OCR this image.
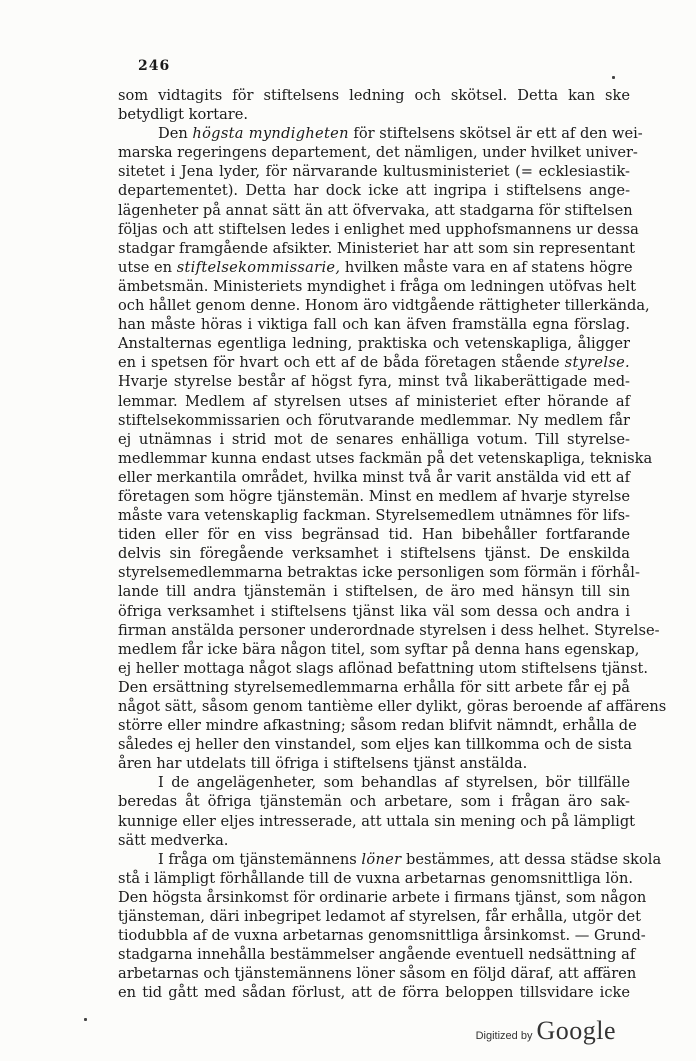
246
som vidtagits för stiftelsens ledning och skötsel. Detta kan ske
betydligt kortare.
Den högsta myndigheten för stiftelsens skötsel är ett af den wei-
marska regeringens departement, det nämligen, under hvilket univer-
sitetet i Jena lyder, för närvarande kultusministeriet (= ecklesiastik-
departementet). Detta har dock icke att ingripa i stiftelsens ange-
lägenheter på annat sätt än att öfvervaka, att stadgarna för stiftelsen
följas och att stiftelsen ledes i enlighet med upphofsmannens ur dessa
stadgar framgående afsikter. Ministeriet har att som sin representant
utse en stiftelsekommissarie, hvilken måste vara en af statens högre
ämbetsmän. Ministeriets myndighet i fråga om ledningen utöfvas helt
och hållet genom denne. Honom äro vidtgående rättigheter tillerkända,
han måste höras i viktiga fall och kan äfven framställa egna förslag.
Anstalternas egentliga ledning, praktiska och vetenskapliga, åligger
en i spetsen för hvart och ett af de båda företagen stående styrelse.
Hvarje styrelse består af högst fyra, minst två likaberättigade med-
lemmar. Medlem af styrelsen utses af ministeriet efter hörande af
stiftelsekommissarien och förutvarande medlemmar. Ny medlem får
ej utnämnas i strid mot de senares enhälliga votum. Till styrelse-
medlemmar kunna endast utses fackmän på det vetenskapliga, tekniska
eller merkantila området, hvilka minst två år varit anstälda vid ett af
företagen som högre tjänstemän. Minst en medlem af hvarje styrelse
måste vara vetenskaplig fackman. Styrelsemedlem utnämnes för lifs-
tiden eller för en viss begränsad tid. Han bibehåller fortfarande
delvis sin föregående verksamhet i stiftelsens tjänst. De enskilda
styrelsemedlemmarna betraktas icke personligen som förmän i förhål-
lande till andra tjänstemän i stiftelsen, de äro med hänsyn till sin
öfriga verksamhet i stiftelsens tjänst lika väl som dessa och andra i
firman anstälda personer underordnade styrelsen i dess helhet. Styrelse-
medlem får icke bära någon titel, som syftar på denna hans egenskap,
ej heller mottaga något slags aflönad befattning utom stiftelsens tjänst.
Den ersättning styrelsemedlemmarna erhålla för sitt arbete får ej på
något sätt, såsom genom tantième eller dylikt, göras beroende af affärens
större eller mindre afkastning; såsom redan blifvit nämndt, erhålla de
således ej heller den vinstandel, som eljes kan tillkomma och de sista
åren har utdelats till öfriga i stiftelsens tjänst anstälda.
I de angelägenheter, som behandlas af styrelsen, bör tillfälle
beredas åt öfriga tjänstemän och arbetare, som i frågan äro sak-
kunnige eller eljes intresserade, att uttala sin mening och på lämpligt
sätt medverka.
I fråga om tjänstemännens löner bestämmes, att dessa städse skola
stå i lämpligt förhållande till de vuxna arbetarnas genomsnittliga lön.
Den högsta årsinkomst för ordinarie arbete i firmans tjänst, som någon
tjänsteman, däri inbegripet ledamot af styrelsen, får erhålla, utgör det
tiodubbla af de vuxna arbetarnas genomsnittliga årsinkomst. — Grund-
stadgarna innehålla bestämmelser angående eventuell nedsättning af
arbetarnas och tjänstemännens löner såsom en följd däraf, att affären
en tid gått med sådan förlust, att de förra beloppen tillsvidare icke
Digitized by Google
